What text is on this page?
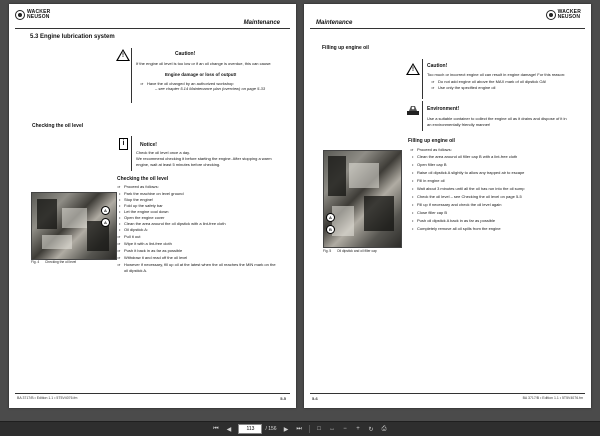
WACKER
NEUSON
Maintenance
5.3 Engine lubrication system
!	Caution!
If the engine oil level is too low or if an oil change is overdue, this can cause:
Engine damage or loss of output!
⇒ Have the oil changed by an authorized workshop
– see chapter 5.14 Maintenance plan (overview) on page 5-33
Checking the oil level
i	Notice!
Check the oil level once a day.
We recommend checking it before starting the engine. After stopping a warm
engine, wait at least 5 minutes before checking.
Checking the oil level
⇒ Proceed as follows:
• Park the machine on level ground
• Stop the engine!
• Fold up the safety bar
• Let the engine cool down
• Open the engine cover
• Clean the area around the oil dipstick with a lint-free cloth
• Oil dipstick A:
⇒ Pull it out
⇒ Wipe it with a lint-free cloth
⇒ Push it back in as far as possible
⇒ Withdraw it and read off the oil level
⇒ However if necessary, fill up oil at the latest when the oil reaches the MIN mark on the
oil dipstick A.
A
A
Fig. 4 Checking the oil level
BA 3717/B • Edition 1.1 • 5T5V4076.fm	5-5
Maintenance
WACKER
NEUSON
Filling up engine oil
!
Caution!
Too much or incorrect engine oil can result in engine damage! For this reason:
⇒ Do not add engine oil above the MAX mark of oil dipstick OA!
⇒ Use only the specified engine oil
Environment!
Use a suitable container to collect the engine oil as it drains and dispose of it in
an environmentally friendly manner!
Filling up engine oil
⇒ Proceed as follows:
• Clean the area around oil filler cap B with a lint-free cloth
• Open filler cap B
• Raise oil dipstick A slightly to allow any trapped air to escape
• Fill in engine oil
• Wait about 3 minutes until all the oil has run into the oil sump
• Check the oil level – see Checking the oil level on page 5-5
• Fill up if necessary and check the oil level again
• Close filler cap B
• Push oil dipstick A back in as far as possible
• Completely remove all oil spills from the engine
A
B
Fig. 5 Oil dipstick and oil filler cap
5-6	BA 3717/B • Edition 1.1 • 5T5V4076.fm
⏮	◀	113	/ 156	▶	⏭	□	↔	−	+	↻	⎙
